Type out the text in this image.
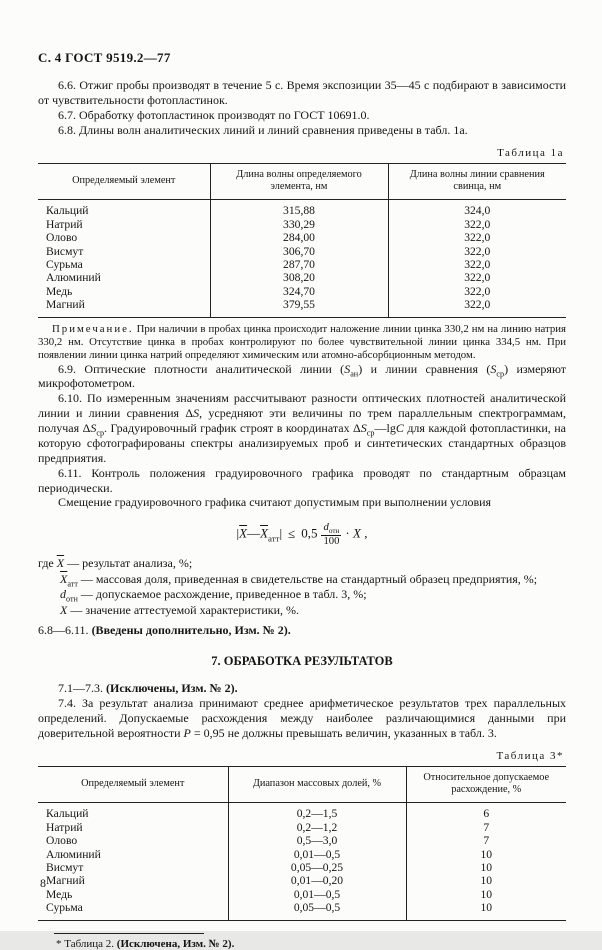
С. 4 ГОСТ 9519.2—77

6.6. Отжиг пробы производят в течение 5 с. Время экспозиции 35—45 с подбирают в зависимости от чувствительности фотопластинок.

6.7. Обработку фотопластинок производят по ГОСТ 10691.0.

6.8. Длины волн аналитических линий и линий сравнения приведены в табл. 1а.

Таблица 1а
Определяемый элемент	Длина волны определяемого элемента, нм	Длина волны линии сравнения свинца, нм
Кальций	315,88	324,0
Натрий	330,29	322,0
Олово	284,00	322,0
Висмут	306,70	322,0
Сурьма	287,70	322,0
Алюминий	308,20	322,0
Медь	324,70	322,0
Магний	379,55	322,0

Примечание. При наличии в пробах цинка происходит наложение линии цинка 330,2 нм на линию натрия 330,2 нм. Отсутствие цинка в пробах контролируют по более чувствительной линии цинка 334,5 нм. При появлении линии цинка натрий определяют химическим или атомно-абсорбционным методом.

6.9. Оптические плотности аналитической линии $(S_{ан})$ и линии сравнения $(S_{ср})$ измеряют микрофотометром.

6.10. По измеренным значениям рассчитывают разности оптических плотностей аналитической линии и линии сравнения ΔS, усредняют эти величины по трем параллельным спектрограммам, получая $\Delta S_{ср}$. Градуировочный график строят в координатах $\Delta S_{ср}—\lg C$ для каждой фотопластинки, на которую сфотографированы спектры анализируемых проб и синтетических стандартных образцов предприятия.

6.11. Контроль положения градуировочного графика проводят по стандартным образцам периодически.

Смещение градуировочного графика считают допустимым при выполнении условия

$|\overline{X}—\overline{X}_{атт}| \le 0,5 \frac{d_{отн}}{100} \cdot X$ ,
где $\overline{X}$ — результат анализа, %;
$\overline{X}_{атт}$ — массовая доля, приведенная в свидетельстве на стандартный образец предприятия, %;
$d_{отн}$ — допускаемое расхождение, приведенное в табл. 3, %;
X — значение аттестуемой характеристики, %.

6.8—6.11. (Введены дополнительно, Изм. № 2).

7. ОБРАБОТКА РЕЗУЛЬТАТОВ

7.1—7.3. (Исключены, Изм. № 2).

7.4. За результат анализа принимают среднее арифметическое результатов трех параллельных определений. Допускаемые расхождения между наиболее различающимися данными при доверительной вероятности Р = 0,95 не должны превышать величин, указанных в табл. 3.

Таблица 3*
Определяемый элемент	Диапазон массовых долей, %	Относительное допускаемое расхождение, %
Кальций	0,2—1,5	6
Натрий	0,2—1,2	7
Олово	0,5—3,0	7
Алюминий	0,01—0,5	10
Висмут	0,05—0,25	10
Магний	0,01—0,20	10
Медь	0,01—0,5	10
Сурьма	0,05—0,5	10

* Таблица 2. (Исключена, Изм. № 2).

8
